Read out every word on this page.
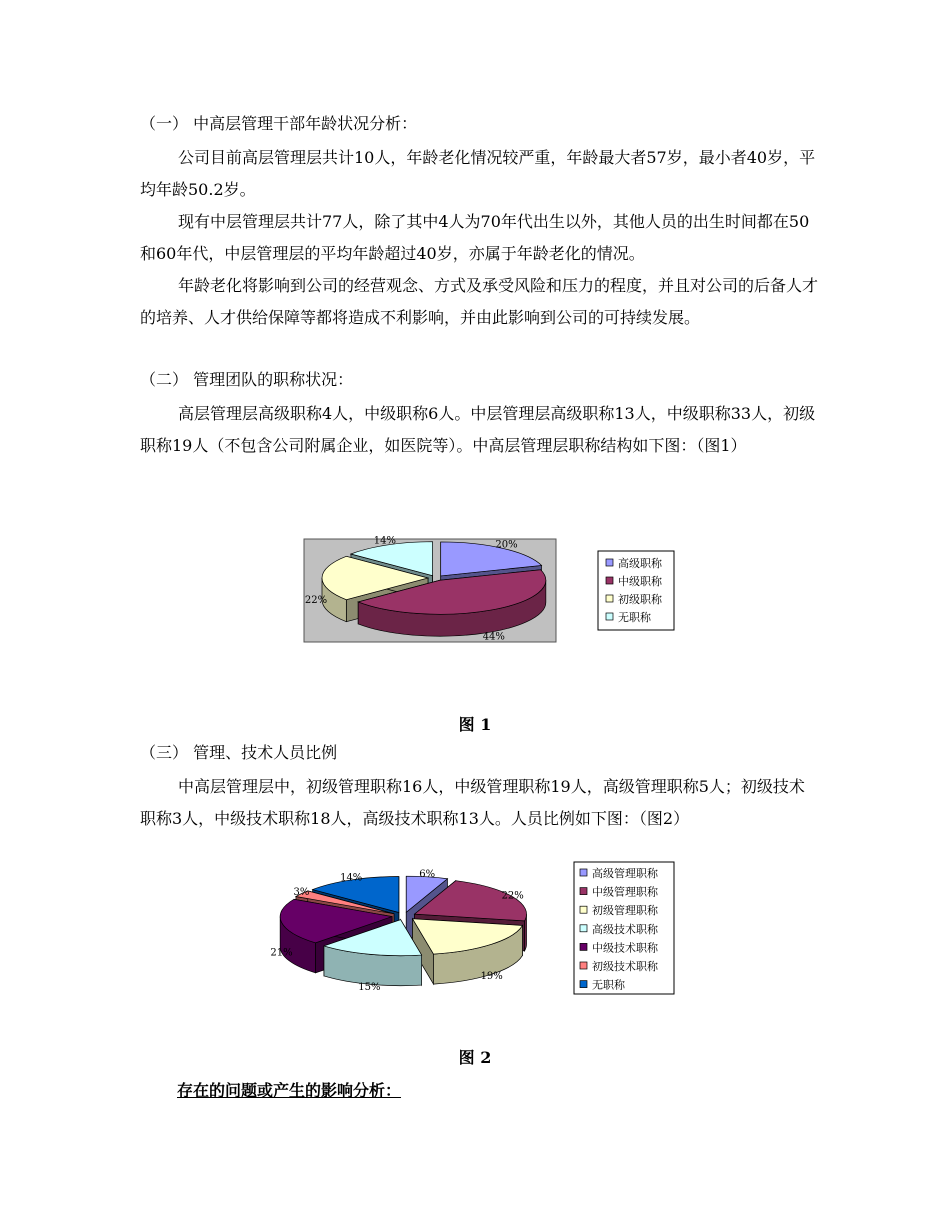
（一） 中高层管理干部年龄状况分析：

公司目前高层管理层共计10人，年龄老化情况较严重，年龄最大者57岁，最小者40岁，平均年龄50.2岁。

现有中层管理层共计77人，除了其中4人为70年代出生以外，其他人员的出生时间都在50和60年代，中层管理层的平均年龄超过40岁，亦属于年龄老化的情况。

年龄老化将影响到公司的经营观念、方式及承受风险和压力的程度，并且对公司的后备人才的培养、人才供给保障等都将造成不利影响，并由此影响到公司的可持续发展。

（二） 管理团队的职称状况：

高层管理层高级职称4人，中级职称6人。中层管理层高级职称13人，中级职称33人，初级职称19人（不包含公司附属企业，如医院等）。中高层管理层职称结构如下图：（图1）

20%
44%
22%
14%
高级职称
中级职称
初级职称
无职称
图 1

（三） 管理、技术人员比例

中高层管理层中，初级管理职称16人，中级管理职称19人，高级管理职称5人；初级技术职称3人，中级技术职称18人，高级技术职称13人。人员比例如下图：（图2）

6%
22%
19%
15%
21%
3%
14%	高级管理职称
中级管理职称
初级管理职称
高级技术职称
中级技术职称
初级技术职称
无职称
图 2
存在的问题或产生的影响分析：
